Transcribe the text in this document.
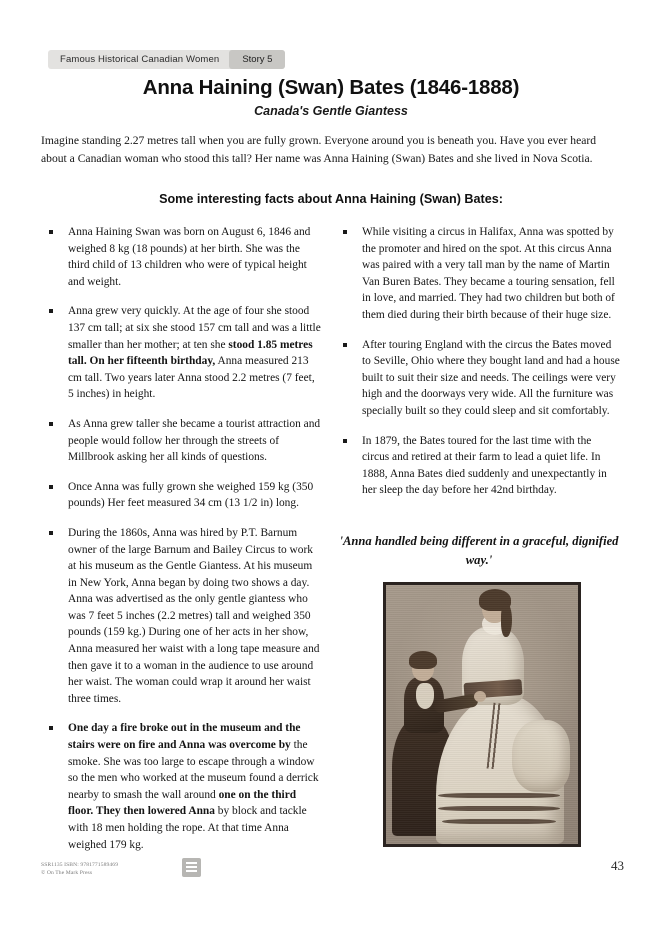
Famous Historical Canadian Women	Story 5
Anna Haining (Swan) Bates (1846-1888)
Canada's Gentle Giantess
Imagine standing 2.27 metres tall when you are fully grown. Everyone around you is beneath you. Have you ever heard about a Canadian woman who stood this tall? Her name was Anna Haining (Swan) Bates and she lived in Nova Scotia.
Some interesting facts about Anna Haining (Swan) Bates:
Anna Haining Swan was born on August 6, 1846 and weighed 8 kg (18 pounds) at her birth. She was the third child of 13 children who were of typical height and weight.
Anna grew very quickly. At the age of four she stood 137 cm tall; at six she stood 157 cm tall and was a little smaller than her mother; at ten she stood 1.85 metres tall. On her fifteenth birthday, Anna measured 213 cm tall. Two years later Anna stood 2.2 metres (7 feet, 5 inches) in height.
As Anna grew taller she became a tourist attraction and people would follow her through the streets of Millbrook asking her all kinds of questions.
Once Anna was fully grown she weighed 159 kg (350 pounds) Her feet measured 34 cm (13 1/2 in) long.
During the 1860s, Anna was hired by P.T. Barnum owner of the large Barnum and Bailey Circus to work at his museum as the Gentle Giantess. At his museum in New York, Anna began by doing two shows a day. Anna was advertised as the only gentle giantess who was 7 feet 5 inches (2.2 metres) tall and weighed 350 pounds (159 kg.) During one of her acts in her show, Anna measured her waist with a long tape measure and then gave it to a woman in the audience to use around her waist. The woman could wrap it around her waist three times.
One day a fire broke out in the museum and the stairs were on fire and Anna was overcome by the smoke. She was too large to escape through a window so the men who worked at the museum found a derrick nearby to smash the wall around one on the third floor. They then lowered Anna by block and tackle with 18 men holding the rope. At that time Anna weighed 179 kg.
While visiting a circus in Halifax, Anna was spotted by the promoter and hired on the spot. At this circus Anna was paired with a very tall man by the name of Martin Van Buren Bates. They became a touring sensation, fell in love, and married. They had two children but both of them died during their birth because of their huge size.
After touring England with the circus the Bates moved to Seville, Ohio where they bought land and had a house built to suit their size and needs. The ceilings were very high and the doorways very wide. All the furniture was specially built so they could sleep and sit comfortably.
In 1879, the Bates toured for the last time with the circus and retired at their farm to lead a quiet life. In 1888, Anna Bates died suddenly and unexpectantly in her sleep the day before her 42nd birthday.
'Anna handled being different in a graceful, dignified way.'
SSR1135 ISBN: 9781771589469
© On The Mark Press	43
